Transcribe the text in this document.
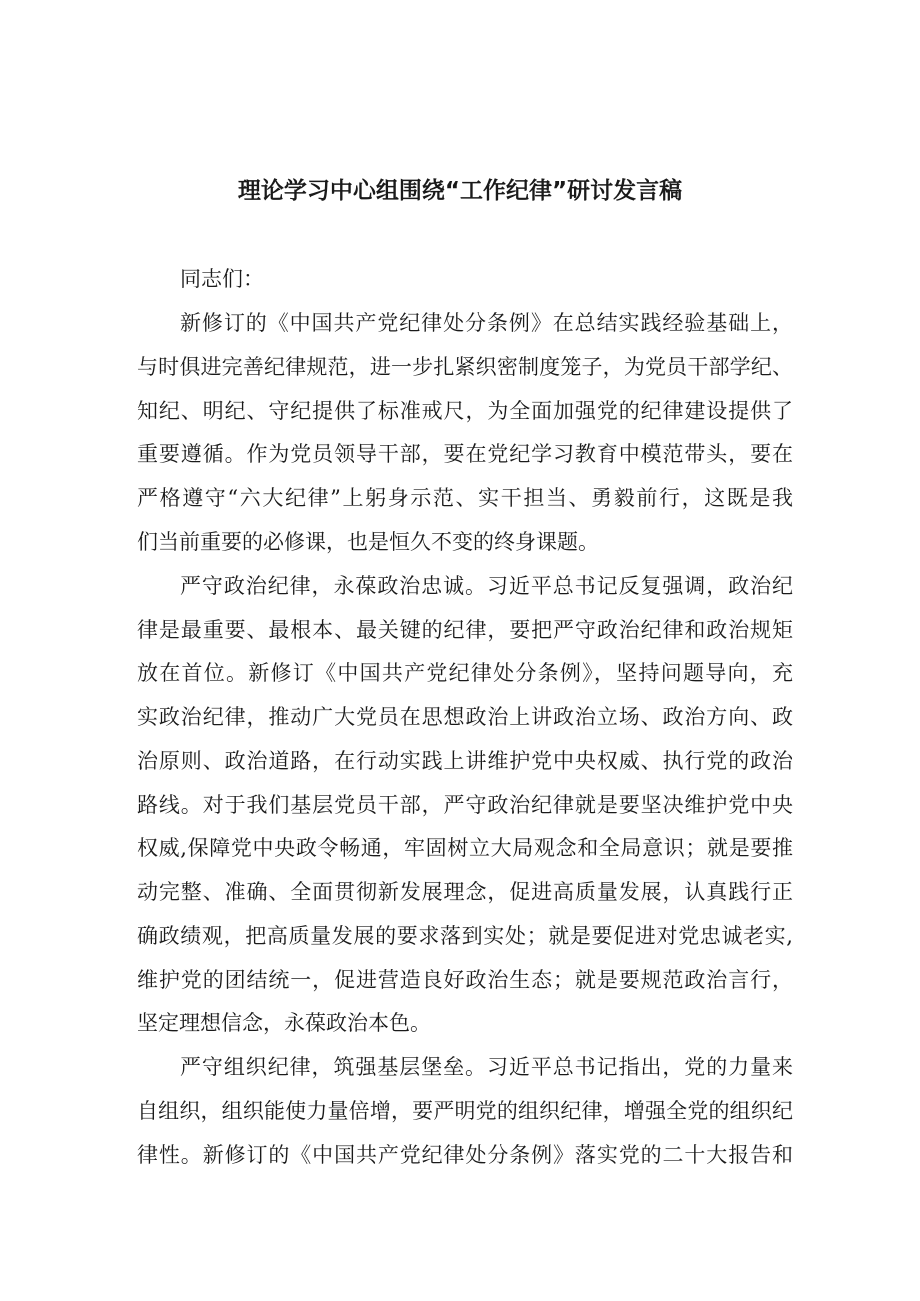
理论学习中心组围绕“工作纪律”研讨发言稿
同志们：
新修订的《中国共产党纪律处分条例》在总结实践经验基础上，
与时俱进完善纪律规范，进一步扎紧织密制度笼子，为党员干部学纪、
知纪、明纪、守纪提供了标准戒尺，为全面加强党的纪律建设提供了
重要遵循。作为党员领导干部，要在党纪学习教育中模范带头，要在
严格遵守“六大纪律”上躬身示范、实干担当、勇毅前行，这既是我
们当前重要的必修课，也是恒久不变的终身课题。
严守政治纪律，永葆政治忠诚。习近平总书记反复强调，政治纪
律是最重要、最根本、最关键的纪律，要把严守政治纪律和政治规矩
放在首位。新修订《中国共产党纪律处分条例》，坚持问题导向，充
实政治纪律，推动广大党员在思想政治上讲政治立场、政治方向、政
治原则、政治道路，在行动实践上讲维护党中央权威、执行党的政治
路线。对于我们基层党员干部，严守政治纪律就是要坚决维护党中央
权威,保障党中央政令畅通，牢固树立大局观念和全局意识；就是要推
动完整、准确、全面贯彻新发展理念，促进高质量发展，认真践行正
确政绩观，把高质量发展的要求落到实处；就是要促进对党忠诚老实,
维护党的团结统一，促进营造良好政治生态；就是要规范政治言行，
坚定理想信念，永葆政治本色。
严守组织纪律，筑强基层堡垒。习近平总书记指出，党的力量来
自组织，组织能使力量倍增，要严明党的组织纪律，增强全党的组织纪
律性。新修订的《中国共产党纪律处分条例》落实党的二十大报告和
